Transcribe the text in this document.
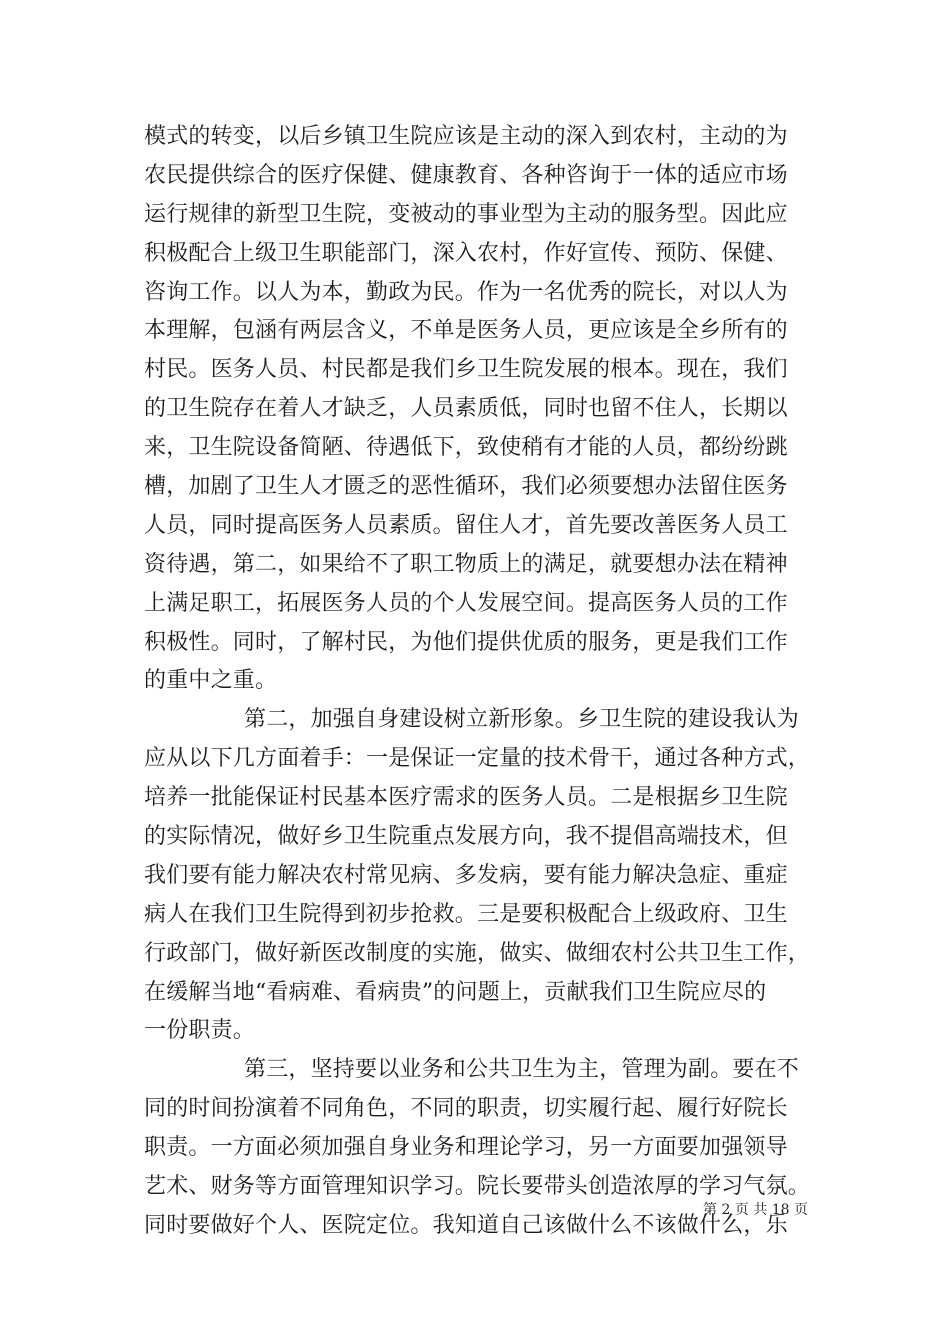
模式的转变，以后乡镇卫生院应该是主动的深入到农村，主动的为
农民提供综合的医疗保健、健康教育、各种咨询于一体的适应市场
运行规律的新型卫生院，变被动的事业型为主动的服务型。因此应
积极配合上级卫生职能部门，深入农村，作好宣传、预防、保健、
咨询工作。以人为本，勤政为民。作为一名优秀的院长，对以人为
本理解，包涵有两层含义，不单是医务人员，更应该是全乡所有的
村民。医务人员、村民都是我们乡卫生院发展的根本。现在，我们
的卫生院存在着人才缺乏，人员素质低，同时也留不住人，长期以
来，卫生院设备简陋、待遇低下，致使稍有才能的人员，都纷纷跳
槽，加剧了卫生人才匮乏的恶性循环，我们必须要想办法留住医务
人员，同时提高医务人员素质。留住人才，首先要改善医务人员工
资待遇，第二，如果给不了职工物质上的满足，就要想办法在精神
上满足职工，拓展医务人员的个人发展空间。提高医务人员的工作
积极性。同时，了解村民，为他们提供优质的服务，更是我们工作
的重中之重。
第二，加强自身建设树立新形象。乡卫生院的建设我认为
应从以下几方面着手：一是保证一定量的技术骨干，通过各种方式，
培养一批能保证村民基本医疗需求的医务人员。二是根据乡卫生院
的实际情况，做好乡卫生院重点发展方向，我不提倡高端技术，但
我们要有能力解决农村常见病、多发病，要有能力解决急症、重症
病人在我们卫生院得到初步抢救。三是要积极配合上级政府、卫生
行政部门，做好新医改制度的实施，做实、做细农村公共卫生工作，
在缓解当地“看病难、看病贵”的问题上，贡献我们卫生院应尽的
一份职责。
第三，坚持要以业务和公共卫生为主，管理为副。要在不
同的时间扮演着不同角色，不同的职责，切实履行起、履行好院长
职责。一方面必须加强自身业务和理论学习，另一方面要加强领导
艺术、财务等方面管理知识学习。院长要带头创造浓厚的学习气氛。
同时要做好个人、医院定位。我知道自己该做什么不该做什么，乐
第 2 页 共 18 页
